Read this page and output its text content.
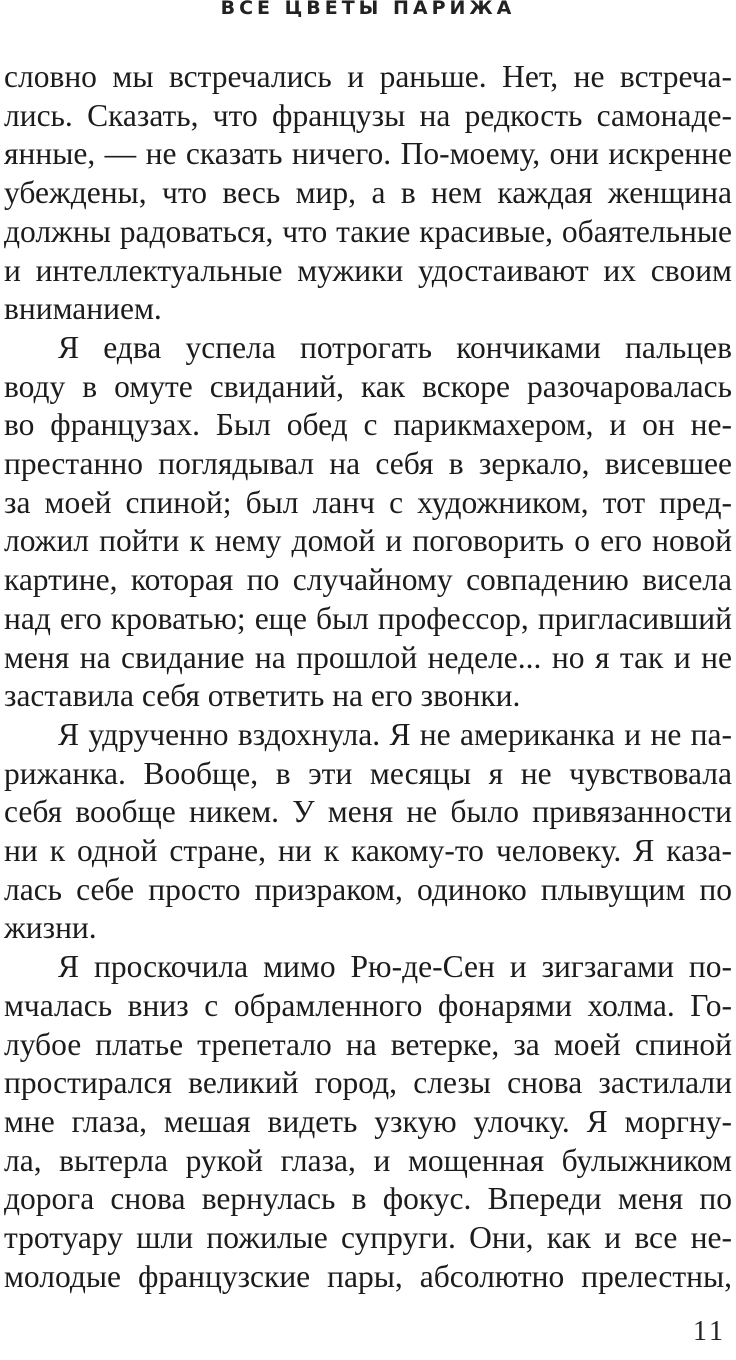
ВСЕ ЦВЕТЫ ПАРИЖА

словно мы встречались и раньше. Нет, не встреча-
лись. Сказать, что французы на редкость самонаде-
янные, — не сказать ничего. По-моему, они искренне
убеждены, что весь мир, а в нем каждая женщина
должны радоваться, что такие красивые, обаятельные
и интеллектуальные мужики удостаивают их своим
вниманием.

Я едва успела потрогать кончиками пальцев
воду в омуте свиданий, как вскоре разочаровалась
во французах. Был обед с парикмахером, и он не-
престанно поглядывал на себя в зеркало, висевшее
за моей спиной; был ланч с художником, тот пред-
ложил пойти к нему домой и поговорить о его новой
картине, которая по случайному совпадению висела
над его кроватью; еще был профессор, пригласивший
меня на свидание на прошлой неделе... но я так и не
заставила себя ответить на его звонки.

Я удрученно вздохнула. Я не американка и не па-
рижанка. Вообще, в эти месяцы я не чувствовала
себя вообще никем. У меня не было привязанности
ни к одной стране, ни к какому-то человеку. Я каза-
лась себе просто призраком, одиноко плывущим по
жизни.

Я проскочила мимо Рю-де-Сен и зигзагами по-
мчалась вниз с обрамленного фонарями холма. Го-
лубое платье трепетало на ветерке, за моей спиной
простирался великий город, слезы снова застилали
мне глаза, мешая видеть узкую улочку. Я моргну-
ла, вытерла рукой глаза, и мощенная булыжником
дорога снова вернулась в фокус. Впереди меня по
тротуару шли пожилые супруги. Они, как и все не-
молодые французские пары, абсолютно прелестны,

11
